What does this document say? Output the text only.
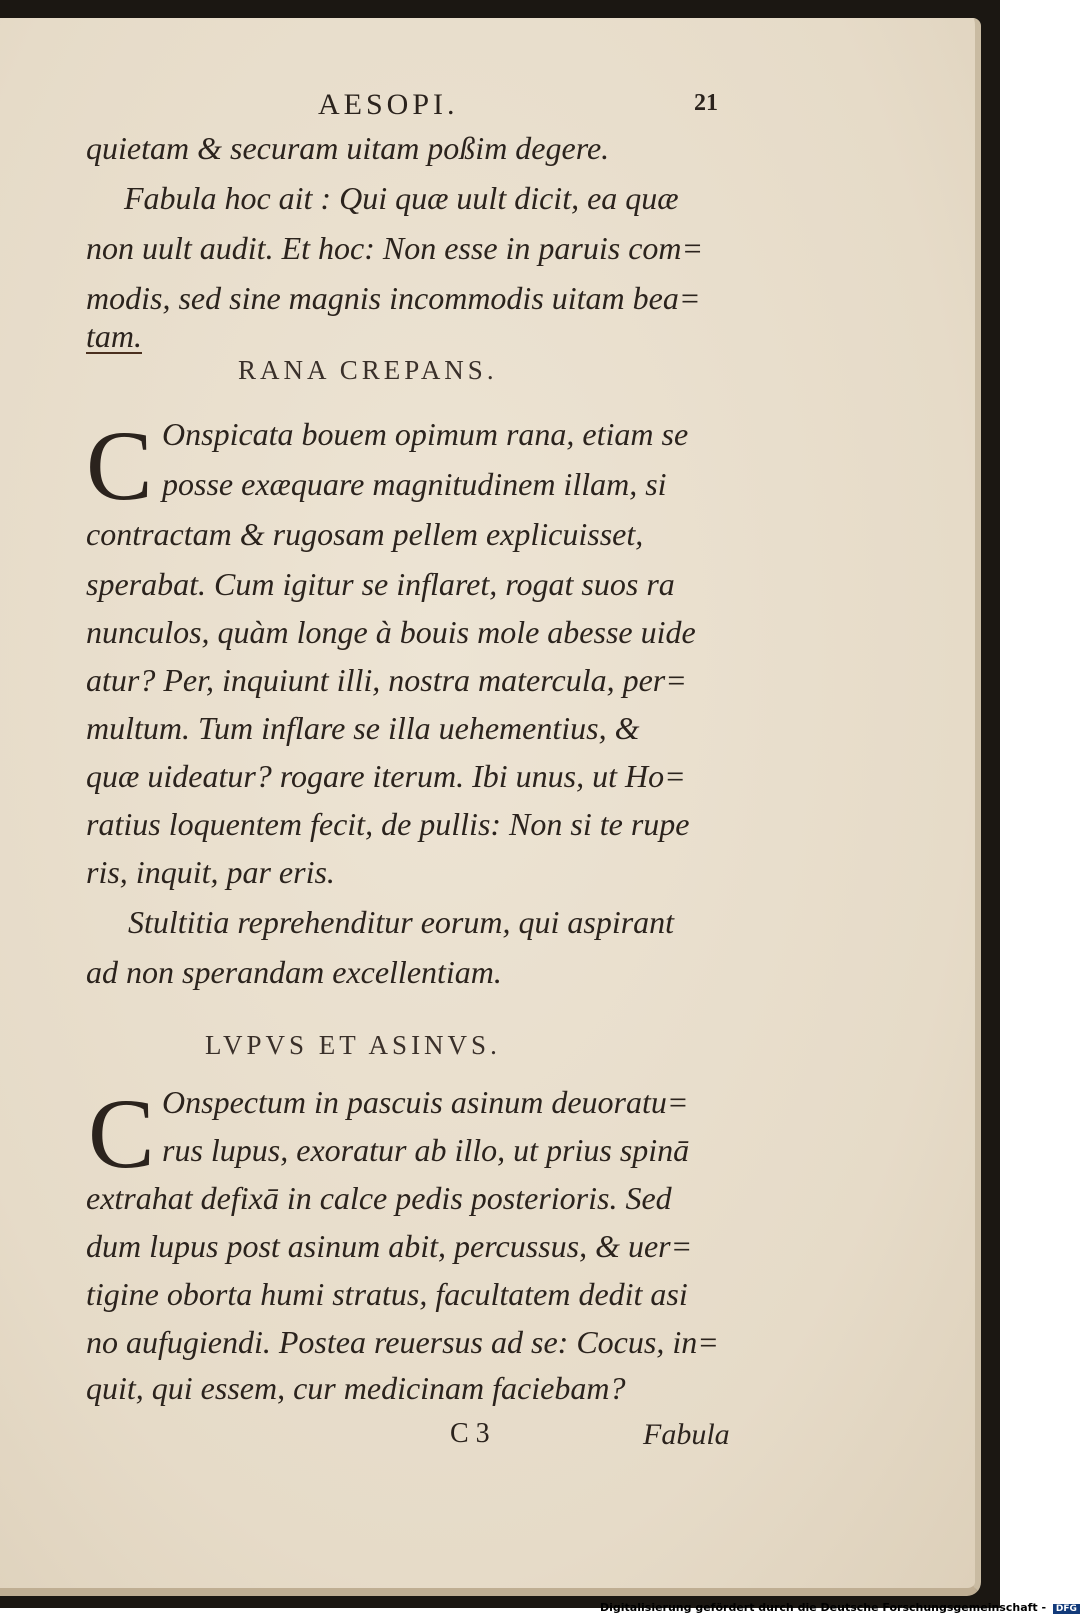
AESOPI.	21
quietam & securam uitam poßim degere.
Fabula hoc ait : Qui quæ uult dicit, ea quæ
non uult audit. Et hoc: Non esse in paruis com=
modis, sed sine magnis incommodis uitam bea=
tam.
RANA CREPANS.
C Onspicata bouem opimum rana, etiam se
posse exæquare magnitudinem illam, si
contractam & rugosam pellem explicuisset,
sperabat. Cum igitur se inflaret, rogat suos ra
nunculos, quàm longe à bouis mole abesse uide
atur? Per, inquiunt illi, nostra matercula, per=
multum. Tum inflare se illa uehementius, &
quæ uideatur? rogare iterum. Ibi unus, ut Ho=
ratius loquentem fecit, de pullis: Non si te rupe
ris, inquit, par eris.
Stultitia reprehenditur eorum, qui aspirant
ad non sperandam excellentiam.
LVPVS ET ASINVS.
C Onspectum in pascuis asinum deuoratu=
rus lupus, exoratur ab illo, ut prius spinā
extrahat defixā in calce pedis posterioris. Sed
dum lupus post asinum abit, percussus, & uer=
tigine oborta humi stratus, facultatem dedit asi
no aufugiendi. Postea reuersus ad se: Cocus, in=
quit, qui essem, cur medicinam faciebam?
C 3	Fabula
Digitalisierung gefördert durch die Deutsche Forschungsgemeinschaft - DFG
